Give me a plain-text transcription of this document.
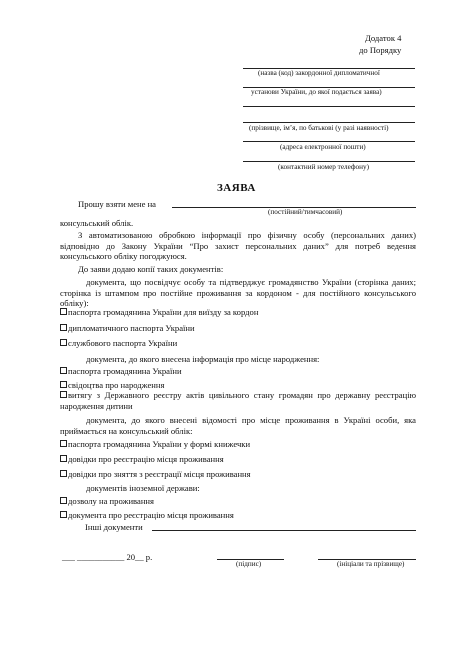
Додаток 4
до Порядку
(назва (код) закордонної дипломатичної
установи України, до якої подається заява)
(прізвище, ім’я, по батькові (у разі наявності)
(адреса електронної пошти)
(контактний номер телефону)
ЗАЯВА
Прошу взяти мене на
(постійний/тимчасовий)
консульський облік.
З автоматизованою обробкою інформації про фізичну особу (персональних даних) відповідно до Закону України “Про захист персональних даних” для потреб ведення консульського обліку погоджуюся.
До заяви додаю копії таких документів:
документа, що посвідчує особу та підтверджує громадянство України (сторінка даних; сторінка із штампом про постійне проживання за кордоном - для постійного консульського обліку):
паспорта громадянина України для виїзду за кордон
дипломатичного паспорта України
службового паспорта України
документа, до якого внесена інформація про місце народження:
паспорта громадянина України
свідоцтва про народження
витягу з Державного реєстру актів цивільного стану громадян про державну реєстрацію народження дитини
документа, до якого внесені відомості про місце проживання в Україні особи, яка приймається на консульський облік:
паспорта громадянина України у формі книжечки
довідки про реєстрацію місця проживання
довідки про зняття з реєстрації місця проживання
документів іноземної держави:
дозволу на проживання
документа про реєстрацію місця проживання
Інші документи
___ ___________ 20__ р.
(підпис)	(ініціали та прізвище)
